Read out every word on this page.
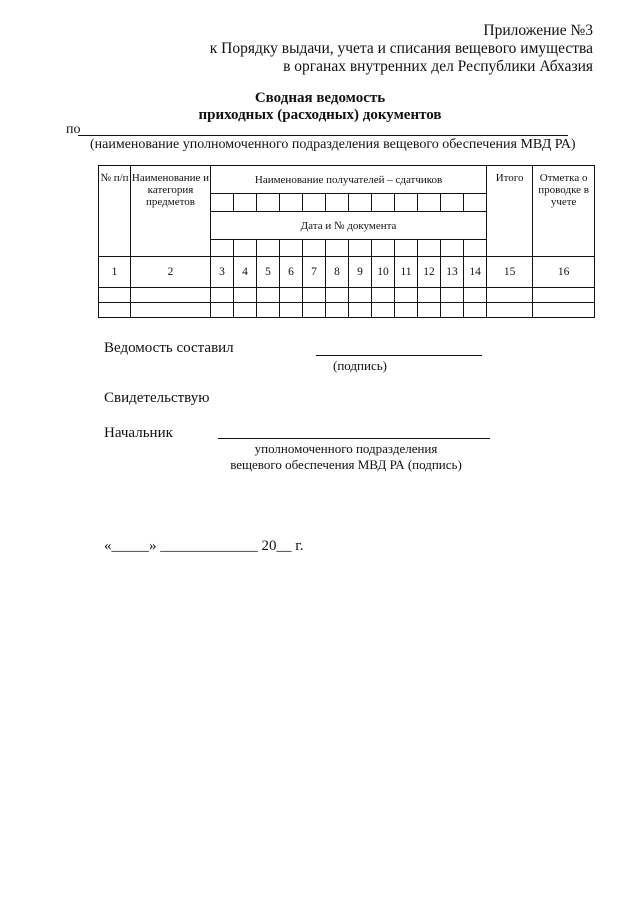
Приложение №3
к Порядку выдачи, учета и списания вещевого имущества
в органах внутренних дел Республики Абхазия
Сводная ведомость
приходных (расходных) документов
по
(наименование уполномоченного подразделения вещевого обеспечения МВД РА)
№ п/п	Наименование и категория предметов	Наименование получателей – сдатчиков												Итого	Отметка о проводке в учете

		Дата и № документа													

1	2	3	4	5	6	7	8	9	10	11	12	13	14	15	16

Ведомость составил
(подпись)
Свидетельствую
Начальник
уполномоченного подразделения
вещевого обеспечения МВД РА (подпись)
«_____» _____________ 20__ г.
